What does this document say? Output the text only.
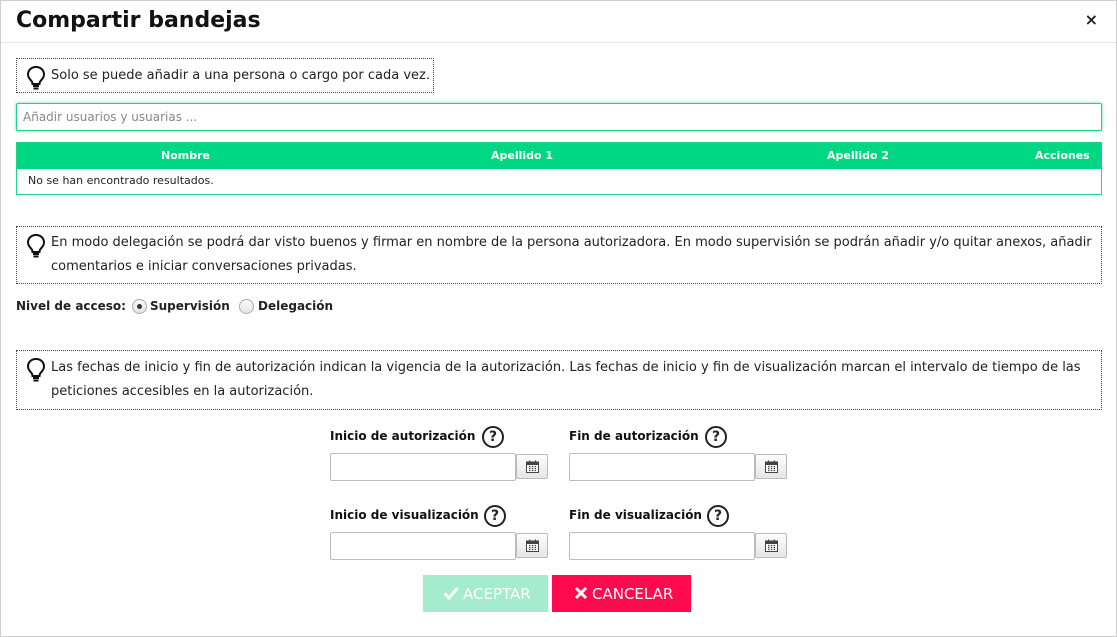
Compartir bandejas	×
Solo se puede añadir a una persona o cargo por cada vez.
Añadir usuarios y usuarias ...
Nombre	Apellido 1	Apellido 2	Acciones
No se han encontrado resultados.
En modo delegación se podrá dar visto buenos y firmar en nombre de la persona autorizadora. En modo supervisión se podrán añadir y/o quitar anexos, añadir
comentarios e iniciar conversaciones privadas.
Nivel de acceso: Supervisión Delegación
Las fechas de inicio y fin de autorización indican la vigencia de la autorización. Las fechas de inicio y fin de visualización marcan el intervalo de tiempo de las
peticiones accesibles en la autorización.
Inicio de autorización ?	Fin de autorización ?
Inicio de visualización ?	Fin de visualización ?
ACEPTAR	CANCELAR
